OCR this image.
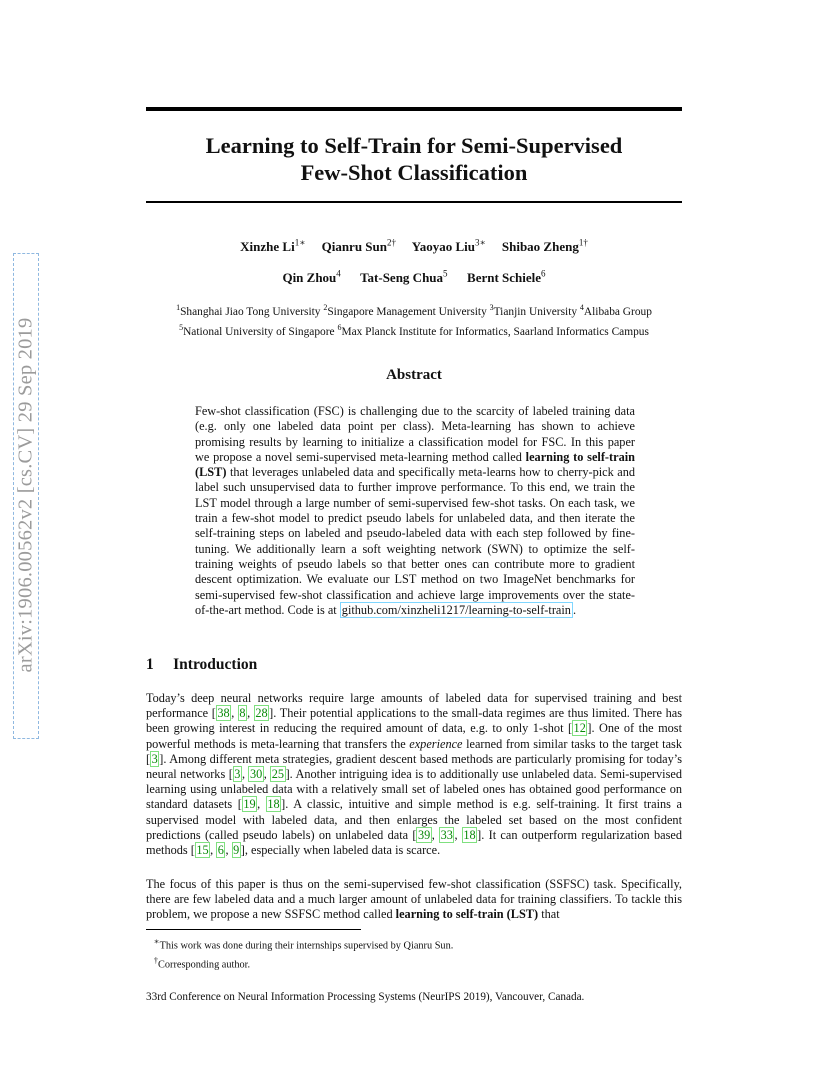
arXiv:1906.00562v2 [cs.CV] 29 Sep 2019
Learning to Self-Train for Semi-Supervised
Few-Shot Classification
Xinzhe $Li^{1∗}$ Qianru Sun$^{2\dagger}$ Yaoyao Liu$^{3∗}$ Shibao Zheng$^{1\dagger}$
Qin Zhou$^4$ Tat-Seng Chua$^5$ Bernt Schiele$^6$
$^1$Shanghai Jiao Tong University $^2$Singapore Management University $^3$Tianjin University $^4$Alibaba Group
$^5$National University of Singapore $^6$Max Planck Institute for Informatics, Saarland Informatics Campus
Abstract
Few-shot classification (FSC) is challenging due to the scarcity of labeled training data (e.g. only one labeled data point per class). Meta-learning has shown to achieve promising results by learning to initialize a classification model for FSC. In this paper we propose a novel semi-supervised meta-learning method called learning to self-train (LST) that leverages unlabeled data and specifically meta-learns how to cherry-pick and label such unsupervised data to further improve performance. To this end, we train the LST model through a large number of semi-supervised few-shot tasks. On each task, we train a few-shot model to predict pseudo labels for unlabeled data, and then iterate the self-training steps on labeled and pseudo-labeled data with each step followed by fine-tuning. We additionally learn a soft weighting network (SWN) to optimize the self-training weights of pseudo labels so that better ones can contribute more to gradient descent optimization. We evaluate our LST method on two ImageNet benchmarks for semi-supervised few-shot classification and achieve large improvements over the state-of-the-art method. Code is at github.com/xinzheli1217/learning-to-self-train .
1 Introduction
Today’s deep neural networks require large amounts of labeled data for supervised training and best performance [ 38 , 8 , 28 ]. Their potential applications to the small-data regimes are thus limited. There has been growing interest in reducing the required amount of data, e.g. to only 1-shot [ 12 ]. One of the most powerful methods is meta-learning that transfers the experience learned from similar tasks to the target task [ 3 ]. Among different meta strategies, gradient descent based methods are particularly promising for today’s neural networks [ 3 , 30 , 25 ]. Another intriguing idea is to additionally use unlabeled data. Semi-supervised learning using unlabeled data with a relatively small set of labeled ones has obtained good performance on standard datasets [ 19 , 18 ]. A classic, intuitive and simple method is e.g. self-training. It first trains a supervised model with labeled data, and then enlarges the labeled set based on the most confident predictions (called pseudo labels) on unlabeled data [ 39 , 33 , 18 ]. It can outperform regularization based methods [ 15 , 6 , 9 ], especially when labeled data is scarce.
The focus of this paper is thus on the semi-supervised few-shot classification (SSFSC) task. Specifically, there are few labeled data and a much larger amount of unlabeled data for training classifiers. To tackle this problem, we propose a new SSFSC method called learning to self-train (LST) that
∗This work was done during their internships supervised by Qianru Sun.
†Corresponding author.
33rd Conference on Neural Information Processing Systems (NeurIPS 2019), Vancouver, Canada.
